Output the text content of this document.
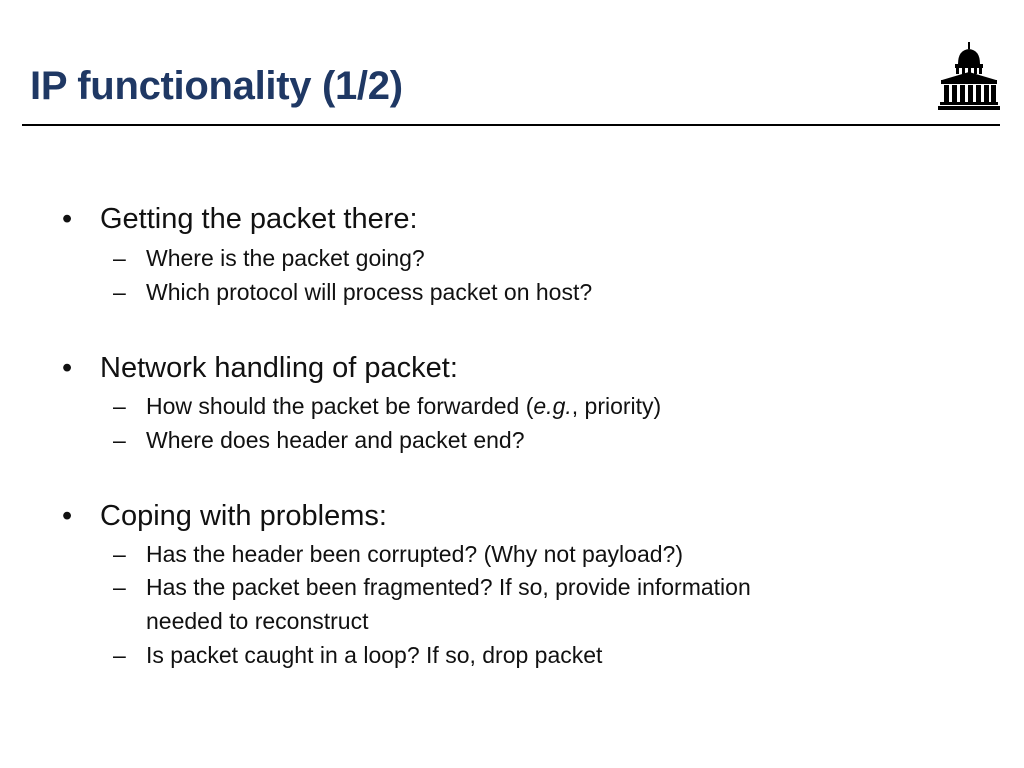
IP functionality (1/2)
• Getting the packet there:
– Where is the packet going?
– Which protocol will process packet on host?
• Network handling of packet:
– How should the packet be forwarded (e.g., priority)
– Where does header and packet end?
• Coping with problems:
– Has the header been corrupted? (Why not payload?)
– Has the packet been fragmented? If so, provide information
needed to reconstruct
– Is packet caught in a loop? If so, drop packet
